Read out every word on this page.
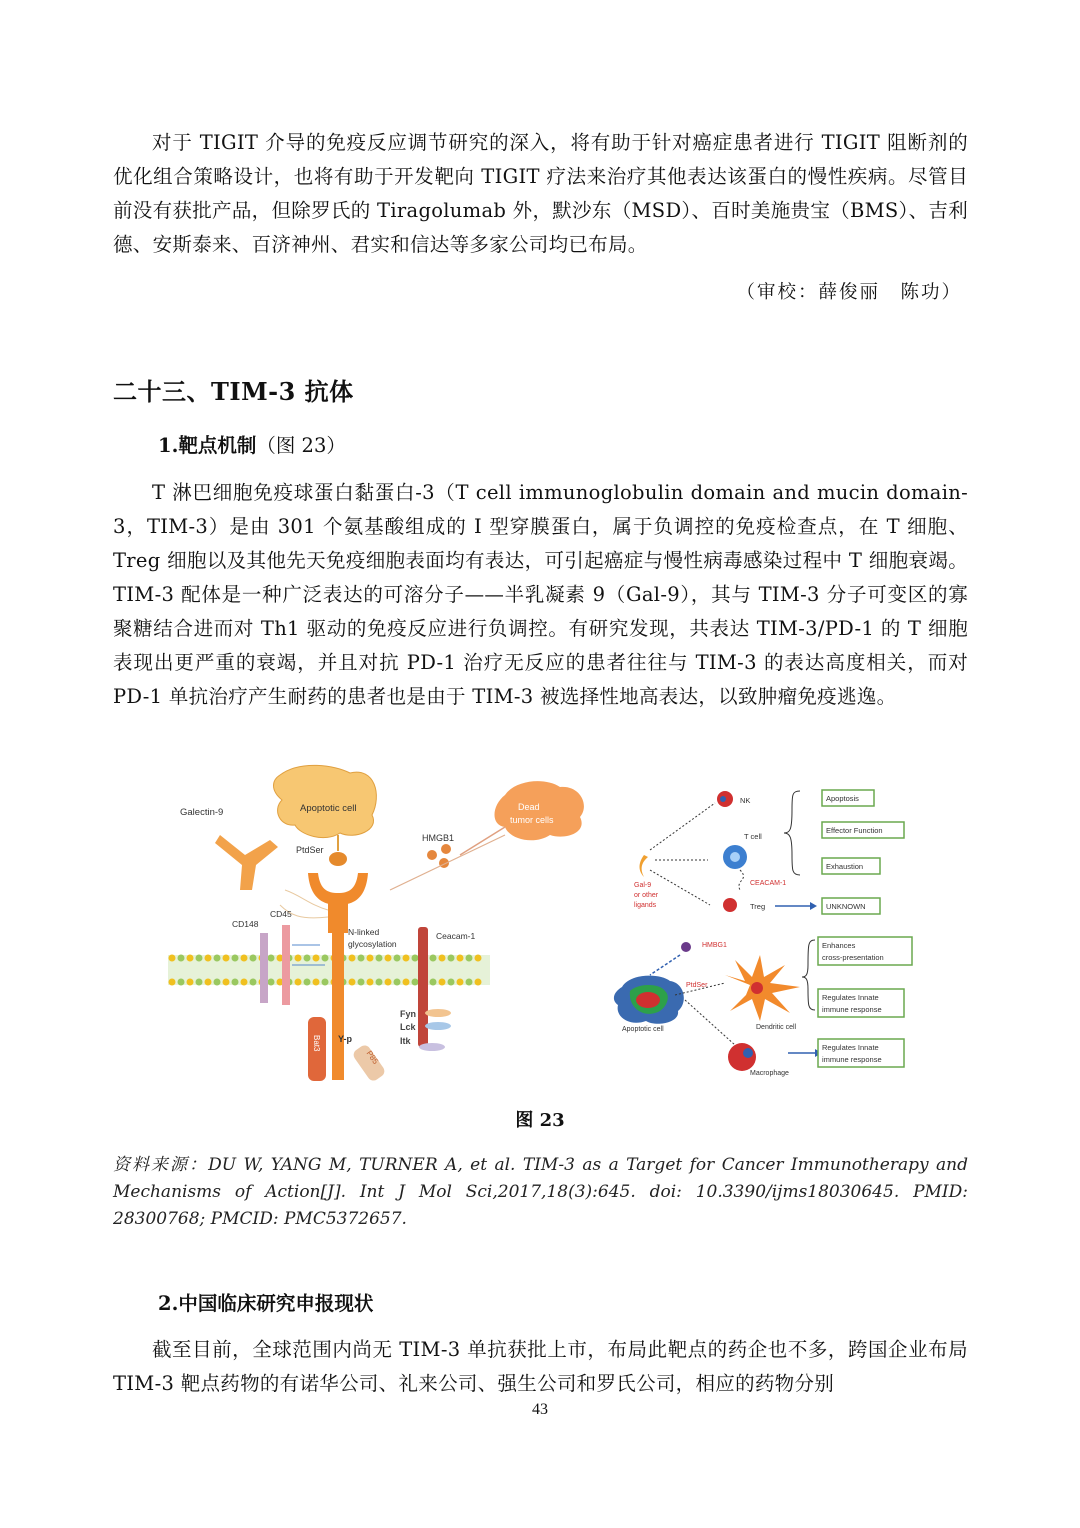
对于 TIGIT 介导的免疫反应调节研究的深入，将有助于针对癌症患者进行 TIGIT 阻断剂的优化组合策略设计，也将有助于开发靶向 TIGIT 疗法来治疗其他表达该蛋白的慢性疾病。尽管目前没有获批产品，但除罗氏的 Tiragolumab 外，默沙东（MSD）、百时美施贵宝（BMS）、吉利德、安斯泰来、百济神州、君实和信达等多家公司均已布局。

（审校：薛俊丽　陈功）
二十三、TIM-3 抗体
1.靶点机制（图 23）

T 淋巴细胞免疫球蛋白黏蛋白-3（T cell immunoglobulin domain and mucin domain-3，TIM-3）是由 301 个氨基酸组成的 I 型穿膜蛋白，属于负调控的免疫检查点，在 T 细胞、Treg 细胞以及其他先天免疫细胞表面均有表达，可引起癌症与慢性病毒感染过程中 T 细胞衰竭。TIM-3 配体是一种广泛表达的可溶分子——半乳凝素 9（Gal-9），其与 TIM-3 分子可变区的寡聚糖结合进而对 Th1 驱动的免疫反应进行负调控。有研究发现，共表达 TIM-3/PD-1 的 T 细胞表现出更严重的衰竭，并且对抗 PD-1 治疗无反应的患者往往与 TIM-3 的表达高度相关，而对 PD-1 单抗治疗产生耐药的患者也是由于 TIM-3 被选择性地高表达，以致肿瘤免疫逃逸。

Apoptotic cell	Dead
tumor cells
HMGB1
Galectin-9
PtdSer
N-linked
glycosylation
CD148
CD45
Ceacam-1
Fyn
Lck
Itk
Y-p
Bat3
P85
Gal-9
or other
ligands
NK
T cell
CEACAM-1
Treg
Apoptosis
Effector Function
Exhaustion
UNKNOWN
HMBG1
Apoptotic cell
PtdSer
Dendritic cell
Macrophage
Enhances
cross-presentation
Regulates Innate
immune response
Regulates Innate
immune response
图 23
资料来源：DU W, YANG M, TURNER A, et al. TIM-3 as a Target for Cancer Immunotherapy and Mechanisms of Action[J]. Int J Mol Sci,2017,18(3):645. doi: 10.3390/ijms18030645. PMID: 28300768; PMCID: PMC5372657.
2.中国临床研究申报现状

截至目前，全球范围内尚无 TIM-3 单抗获批上市，布局此靶点的药企也不多，跨国企业布局 TIM-3 靶点药物的有诺华公司、礼来公司、强生公司和罗氏公司，相应的药物分别

43
